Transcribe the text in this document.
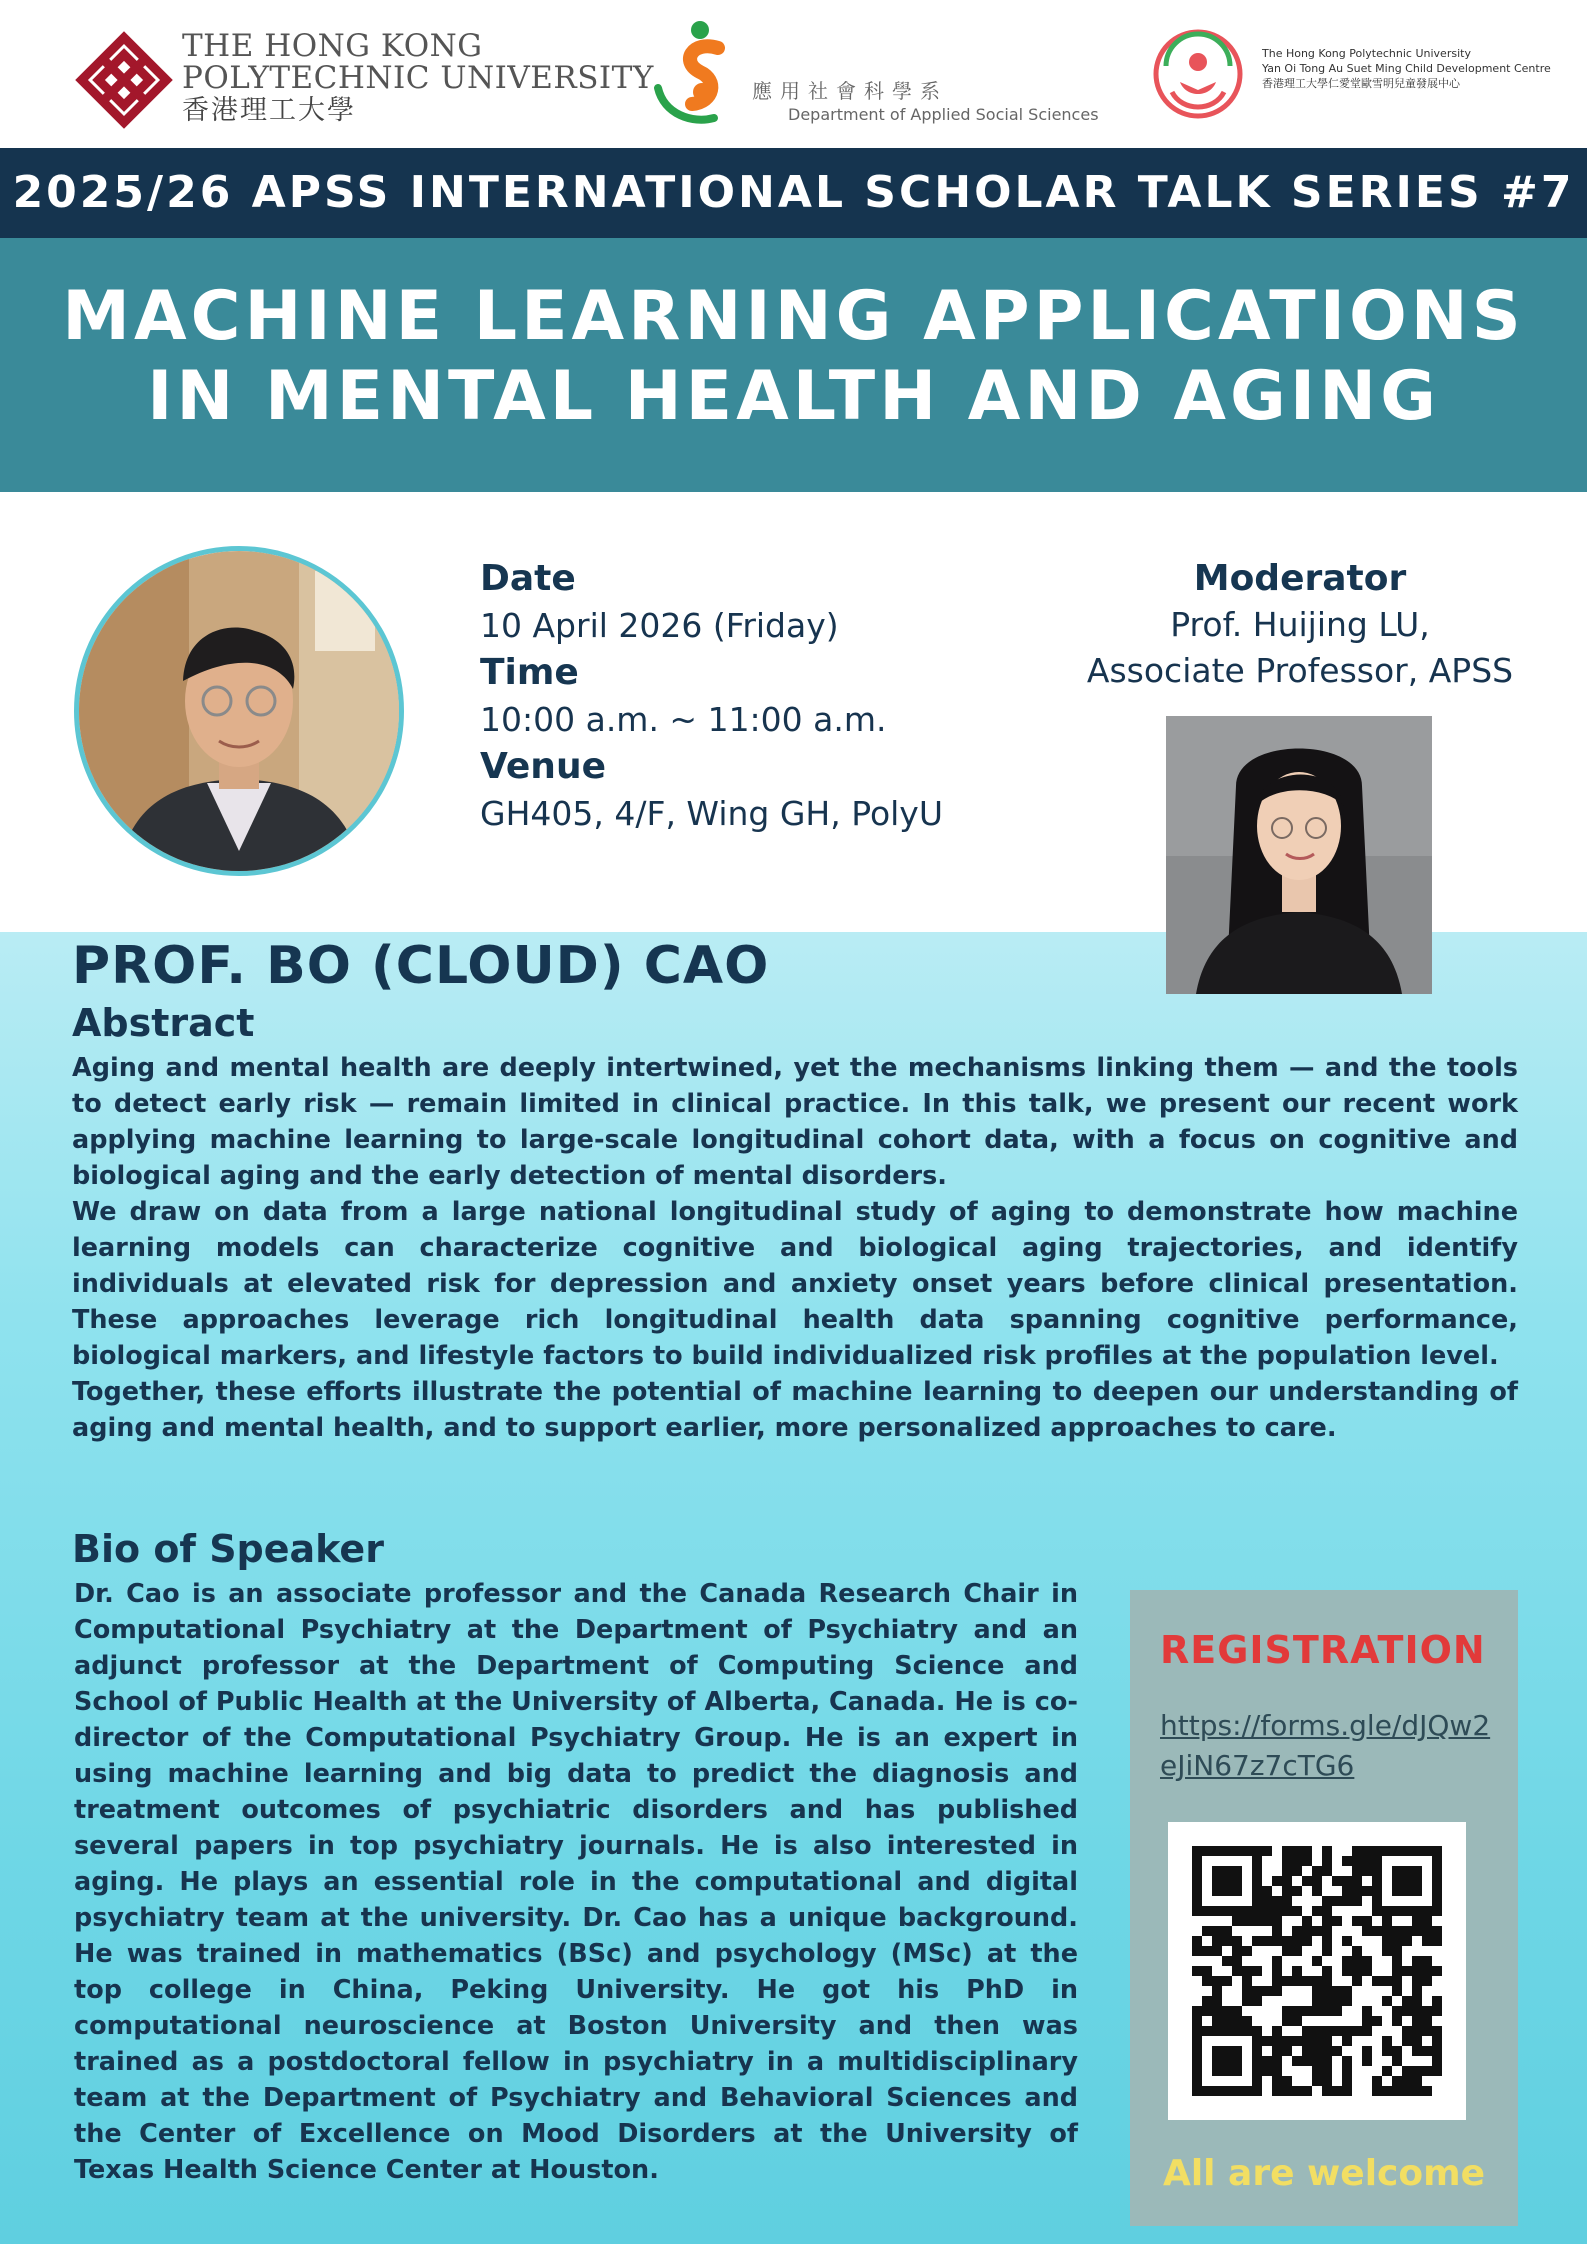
THE HONG KONG
POLYTECHNIC UNIVERSITY
香港理工大學
應用社會科學系
Department of Applied Social Sciences
The Hong Kong Polytechnic University
Yan Oi Tong Au Suet Ming Child Development Centre
香港理工大學仁愛堂歐雪明兒童發展中心
2025/26 APSS INTERNATIONAL SCHOLAR TALK SERIES #7
MACHINE LEARNING APPLICATIONS
IN MENTAL HEALTH AND AGING
Date
10 April 2026 (Friday)
Time
10:00 a.m. ~ 11:00 a.m.
Venue
GH405, 4/F, Wing GH, PolyU
Moderator
Prof. Huijing LU,
Associate Professor, APSS
PROF. BO (CLOUD) CAO
Abstract

Aging and mental health are deeply intertwined, yet the mechanisms linking them — and the tools to detect early risk — remain limited in clinical practice. In this talk, we present our recent work applying machine learning to large-scale longitudinal cohort data, with a focus on cognitive and biological aging and the early detection of mental disorders.

We draw on data from a large national longitudinal study of aging to demonstrate how machine learning models can characterize cognitive and biological aging trajectories, and identify individuals at elevated risk for depression and anxiety onset years before clinical presentation. These approaches leverage rich longitudinal health data spanning cognitive performance, biological markers, and lifestyle factors to build individualized risk profiles at the population level.

Together, these efforts illustrate the potential of machine learning to deepen our understanding of aging and mental health, and to support earlier, more personalized approaches to care.

Bio of Speaker

Dr. Cao is an associate professor and the Canada Research Chair in Computational Psychiatry at the Department of Psychiatry and an adjunct professor at the Department of Computing Science and School of Public Health at the University of Alberta, Canada. He is co-director of the Computational Psychiatry Group. He is an expert in using machine learning and big data to predict the diagnosis and treatment outcomes of psychiatric disorders and has published several papers in top psychiatry journals. He is also interested in aging. He plays an essential role in the computational and digital psychiatry team at the university. Dr. Cao has a unique background. He was trained in mathematics (BSc) and psychology (MSc) at the top college in China, Peking University. He got his PhD in computational neuroscience at Boston University and then was trained as a postdoctoral fellow in psychiatry in a multidisciplinary team at the Department of Psychiatry and Behavioral Sciences and the Center of Excellence on Mood Disorders at the University of Texas Health Science Center at Houston.

REGISTRATION
https://forms.gle/dJQw2eJiN67z7cTG6
All are welcome
